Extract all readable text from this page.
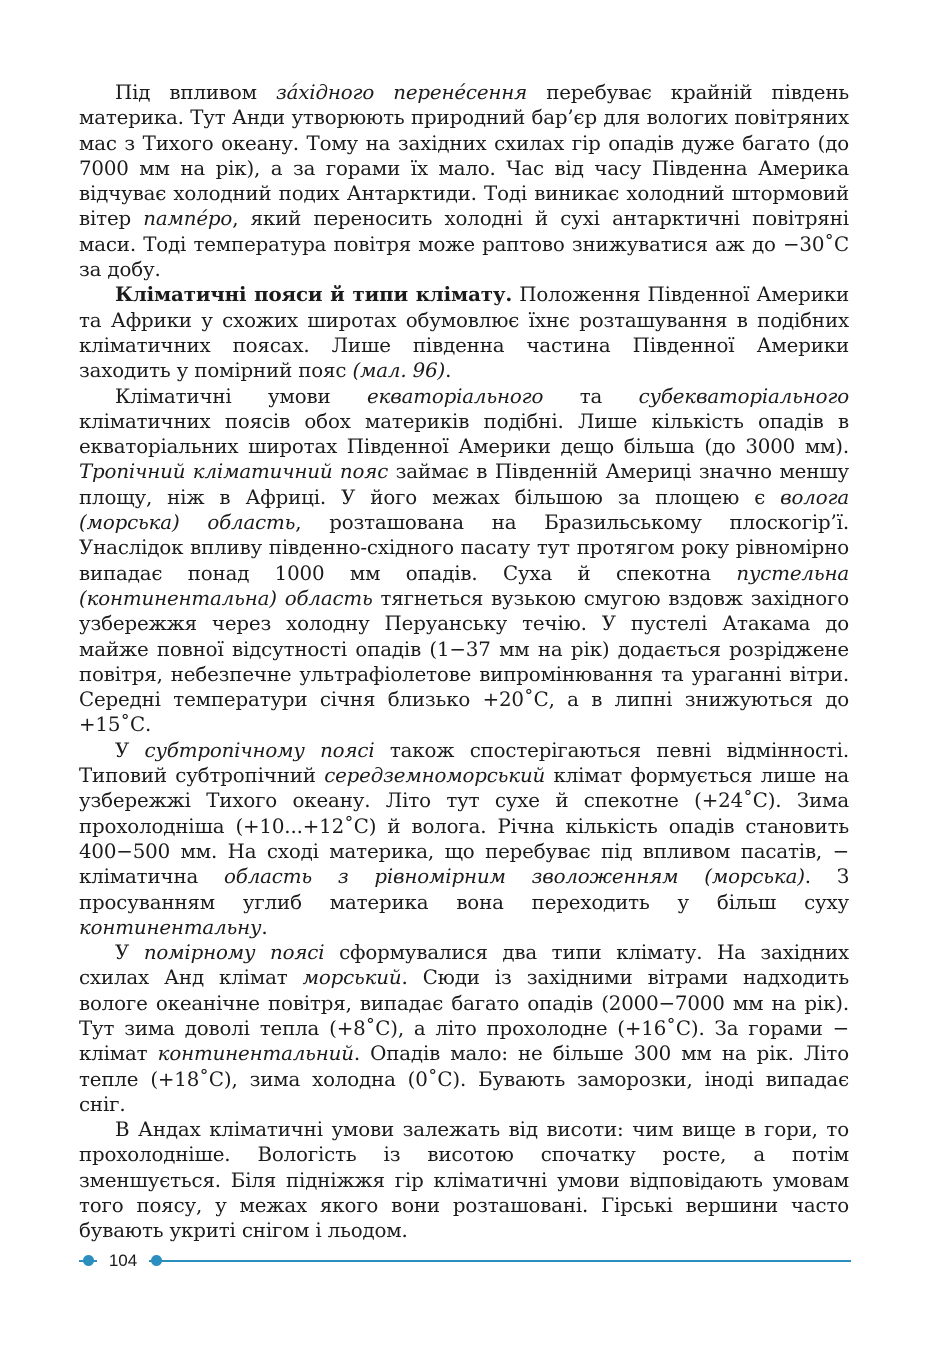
Під впливом зáхідного перенéсення перебуває крайній південь материка. Тут Анди утворюють природний бар’єр для вологих повітряних мас з Тихого океану. Тому на західних схилах гір опадів дуже багато (до 7000 мм на рік), а за горами їх мало. Час від часу Південна Америка відчуває холодний подих Антарктиди. Тоді виникає холодний штормовий вітер пампéро, який переносить холодні й сухі антарктичні повітряні маси. Тоді температура повітря може раптово знижуватися аж до −30˚С за добу.

Кліматичні пояси й типи клімату. Положення Південної Америки та Африки у схожих широтах обумовлює їхнє розташування в подібних кліматичних поясах. Лише південна частина Південної Америки заходить у помірний пояс (мал. 96).

Кліматичні умови екваторіального та субекваторіального кліматичних поясів обох материків подібні. Лише кількість опадів в екваторіальних широтах Південної Америки дещо більша (до 3000 мм). Тропічний кліматичний пояс займає в Південній Америці значно меншу площу, ніж в Африці. У його межах більшою за площею є волога (морська) область, розташована на Бразильському плоскогір’ї. Унаслідок впливу південно-східного пасату тут протягом року рівномірно випадає понад 1000 мм опадів. Суха й спекотна пустельна (континентальна) область тягнеться вузькою смугою вздовж західного узбережжя через холодну Перуанську течію. У пустелі Атакама до майже повної відсутності опадів (1−37 мм на рік) додається розріджене повітря, небезпечне ультрафіолетове випромінювання та ураганні вітри. Середні температури січня близько +20˚С, а в липні знижуються до +15˚С.

У субтропічному поясі також спостерігаються певні відмінності. Типовий субтропічний середземноморський клімат формується лише на узбережжі Тихого океану. Літо тут сухе й спекотне (+24˚С). Зима прохолодніша (+10...+12˚С) й волога. Річна кількість опадів становить 400−500 мм. На сході материка, що перебуває під впливом пасатів, − кліматична область з рівномірним зволоженням (морська). З просуванням углиб материка вона переходить у більш суху континентальну.

У помірному поясі сформувалися два типи клімату. На західних схилах Анд клімат морський. Сюди із західними вітрами надходить вологе океанічне повітря, випадає багато опадів (2000−7000 мм на рік). Тут зима доволі тепла (+8˚С), а літо прохолодне (+16˚С). За горами − клімат континентальний. Опадів мало: не більше 300 мм на рік. Літо тепле (+18˚С), зима холодна (0˚С). Бувають заморозки, іноді випадає сніг.

В Андах кліматичні умови залежать від висоти: чим вище в гори, то прохолодніше. Вологість із висотою спочатку росте, а потім зменшується. Біля підніжжя гір кліматичні умови відповідають умовам того поясу, у межах якого вони розташовані. Гірські вершини часто бувають укриті снігом і льодом.

104
